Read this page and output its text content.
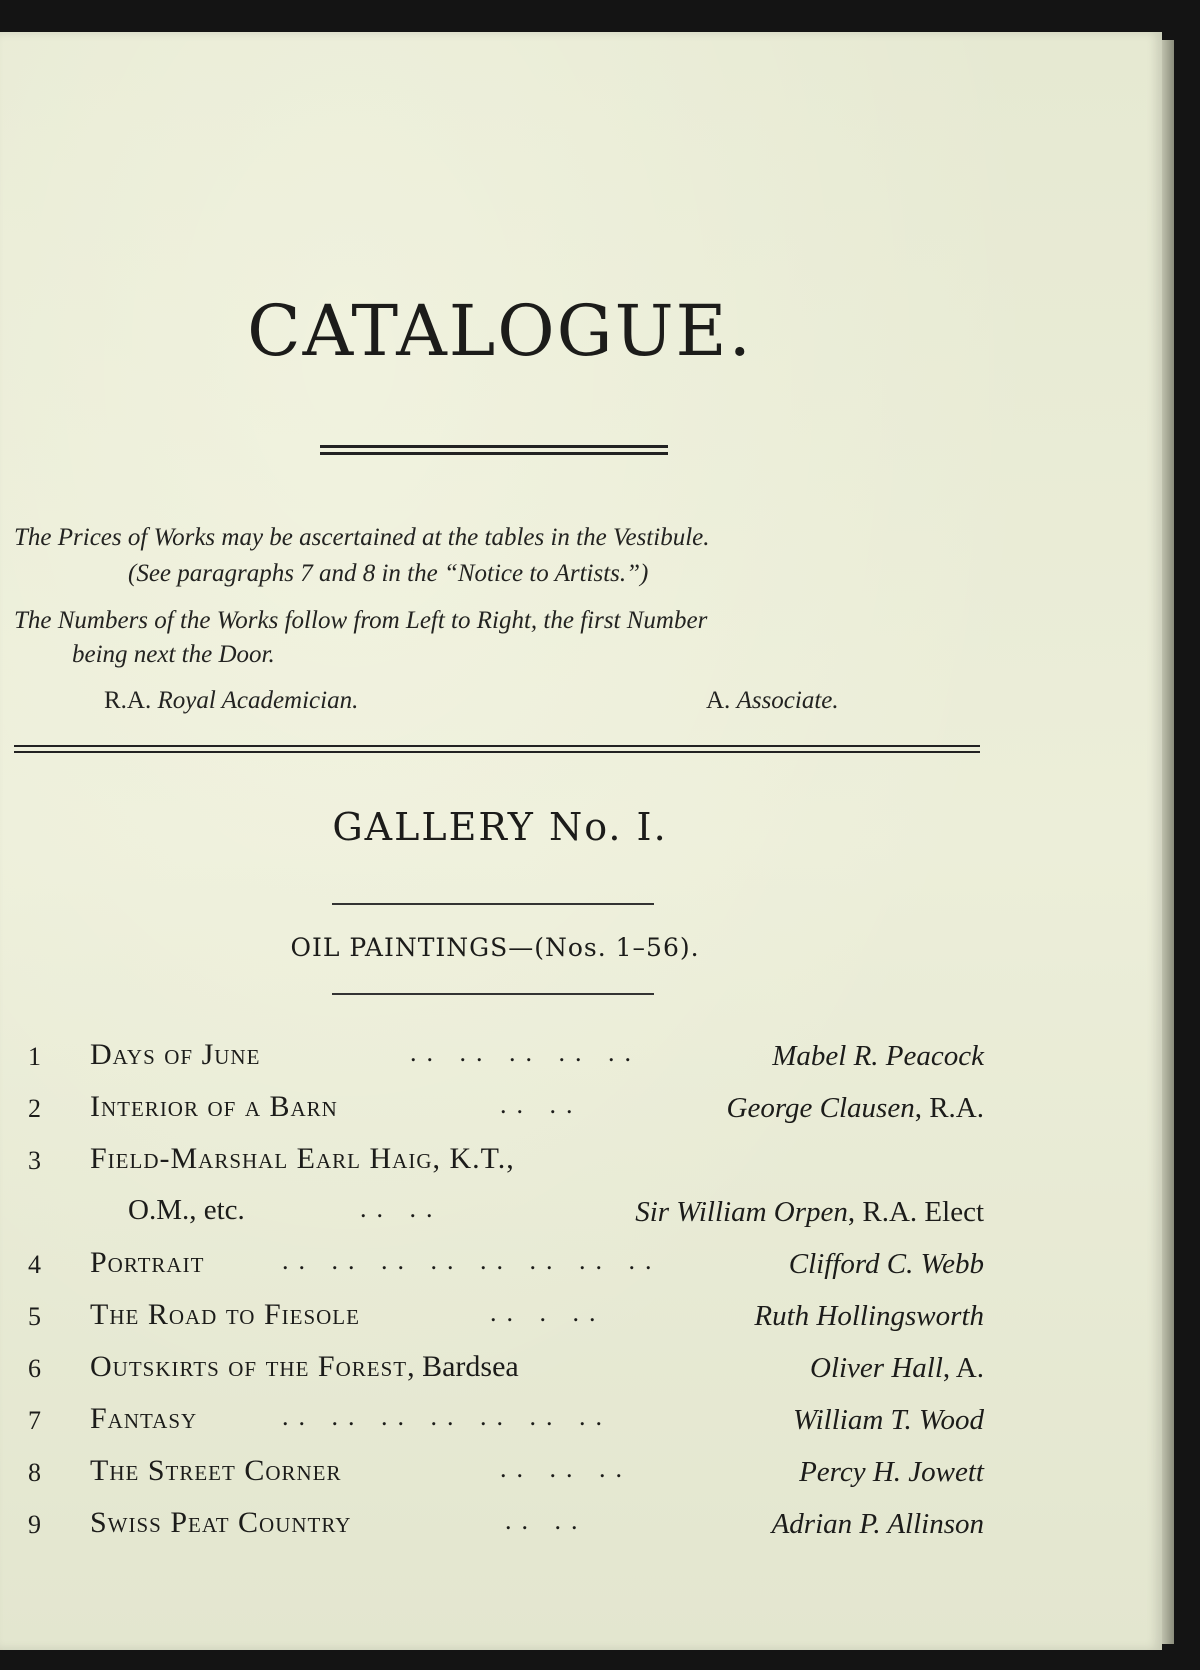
CATALOGUE.
The Prices of Works may be ascertained at the tables in the Vestibule.
(See paragraphs 7 and 8 in the “Notice to Artists.”)
The Numbers of the Works follow from Left to Right, the first Number
being next the Door.
R.A. Royal Academician.	A. Associate.
GALLERY No. I.
OIL PAINTINGS—(Nos. 1–56).
1	Days of June	.. .. .. .. ..	Mabel R. Peacock
2	Interior of a Barn	.. ..	George Clausen, R.A.
3	Field-Marshal Earl Haig, K.T.,
O.M., etc.	.. ..	Sir William Orpen, R.A. Elect
4	Portrait	.. .. .. .. .. .. .. ..	Clifford C. Webb
5	The Road to Fiesole	.. . ..	Ruth Hollingsworth
6	Outskirts of the Forest, Bardsea	Oliver Hall, A.
7	Fantasy	.. .. .. .. .. .. ..	William T. Wood
8	The Street Corner	.. .. ..	Percy H. Jowett
9	Swiss Peat Country	.. ..	Adrian P. Allinson
